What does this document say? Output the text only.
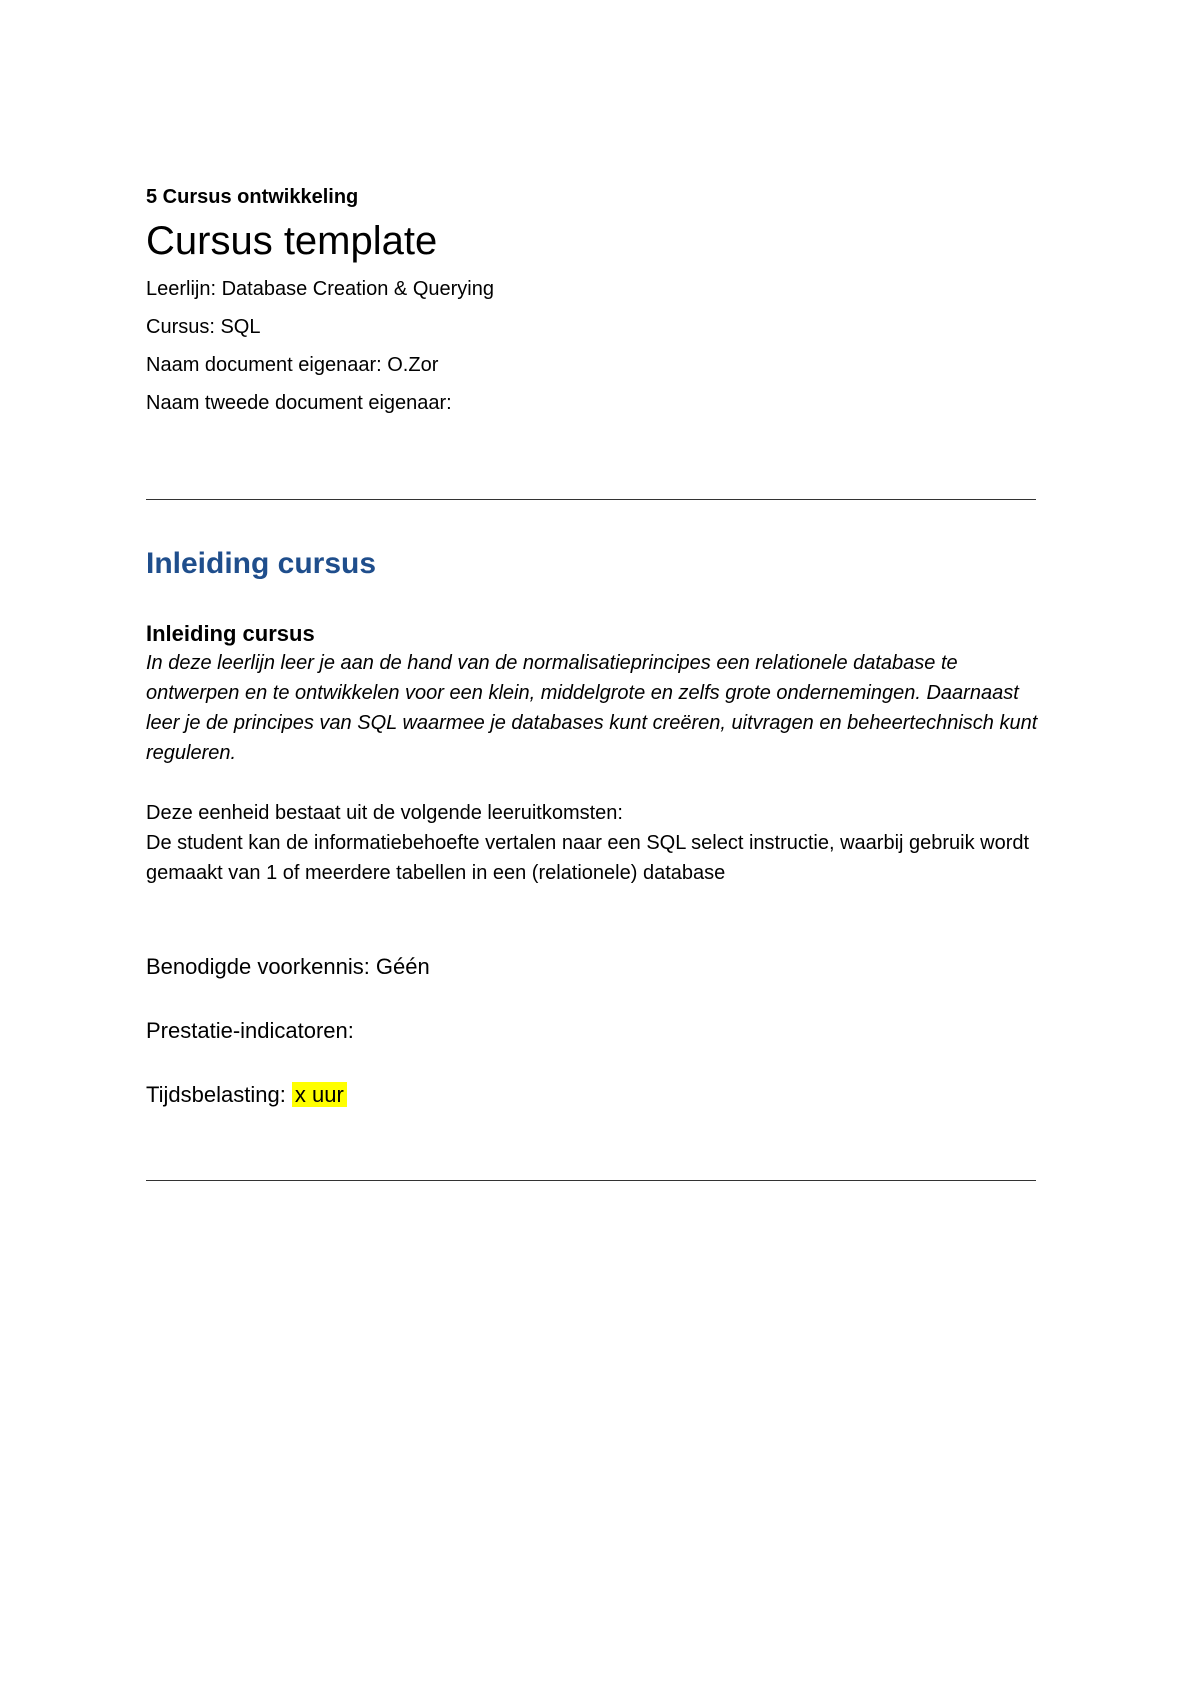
5 Cursus ontwikkeling

Cursus template

Leerlijn: Database Creation & Querying

Cursus: SQL

Naam document eigenaar: O.Zor

Naam tweede document eigenaar:

Inleiding cursus

Inleiding cursus

In deze leerlijn leer je aan de hand van de normalisatieprincipes een relationele database te ontwerpen en te ontwikkelen voor een klein, middelgrote en zelfs grote ondernemingen. Daarnaast leer je de principes van SQL waarmee je databases kunt creëren, uitvragen en beheertechnisch kunt reguleren.

Deze eenheid bestaat uit de volgende leeruitkomsten:

De student kan de informatiebehoefte vertalen naar een SQL select instructie, waarbij gebruik wordt gemaakt van 1 of meerdere tabellen in een (relationele) database

Benodigde voorkennis: Géén

Prestatie-indicatoren:

Tijdsbelasting: x uur
